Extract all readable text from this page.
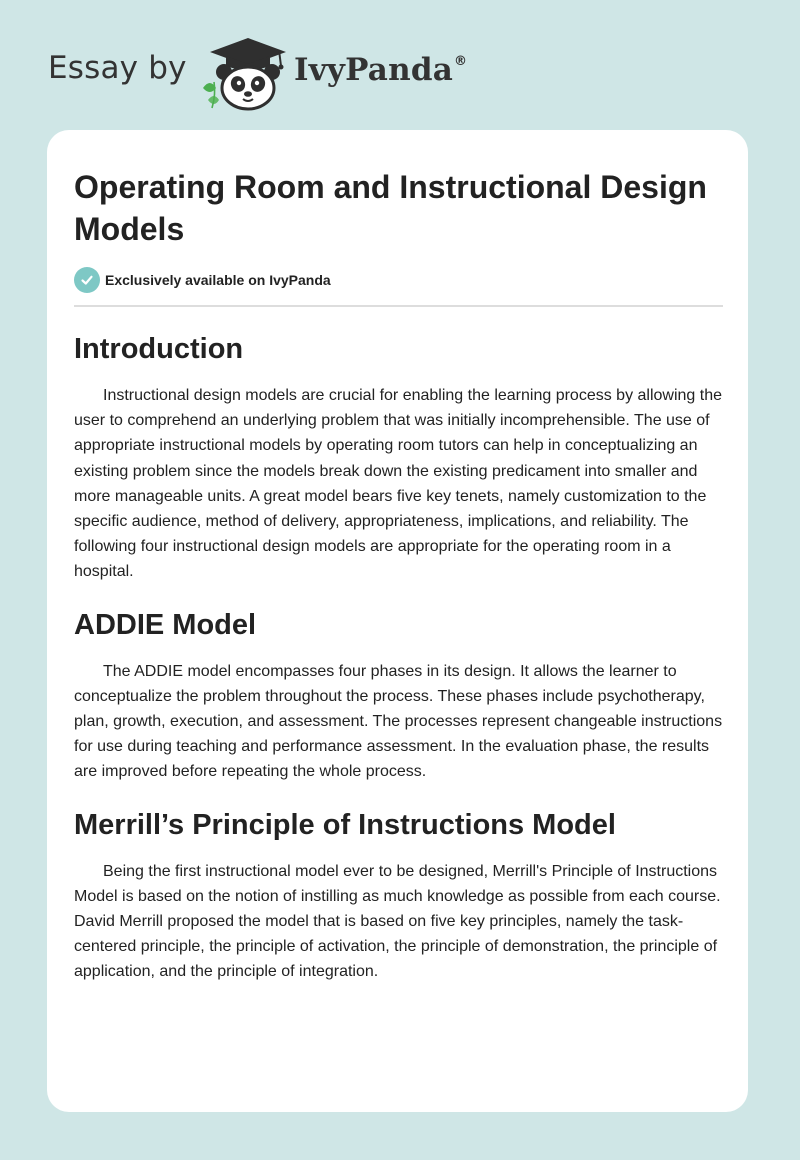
Essay by	IvyPanda®
Operating Room and Instructional Design Models
Exclusively available on IvyPanda
Introduction

Instructional design models are crucial for enabling the learning process by allowing the user to comprehend an underlying problem that was initially incomprehensible. The use of appropriate instructional models by operating room tutors can help in conceptualizing an existing problem since the models break down the existing predicament into smaller and more manageable units. A great model bears five key tenets, namely customization to the specific audience, method of delivery, appropriateness, implications, and reliability. The following four instructional design models are appropriate for the operating room in a hospital.

ADDIE Model

The ADDIE model encompasses four phases in its design. It allows the learner to conceptualize the problem throughout the process. These phases include psychotherapy, plan, growth, execution, and assessment. The processes represent changeable instructions for use during teaching and performance assessment. In the evaluation phase, the results are improved before repeating the whole process.

Merrill’s Principle of Instructions Model

Being the first instructional model ever to be designed, Merrill's Principle of Instructions Model is based on the notion of instilling as much knowledge as possible from each course. David Merrill proposed the model that is based on five key principles, namely the task-centered principle, the principle of activation, the principle of demonstration, the principle of application, and the principle of integration.
